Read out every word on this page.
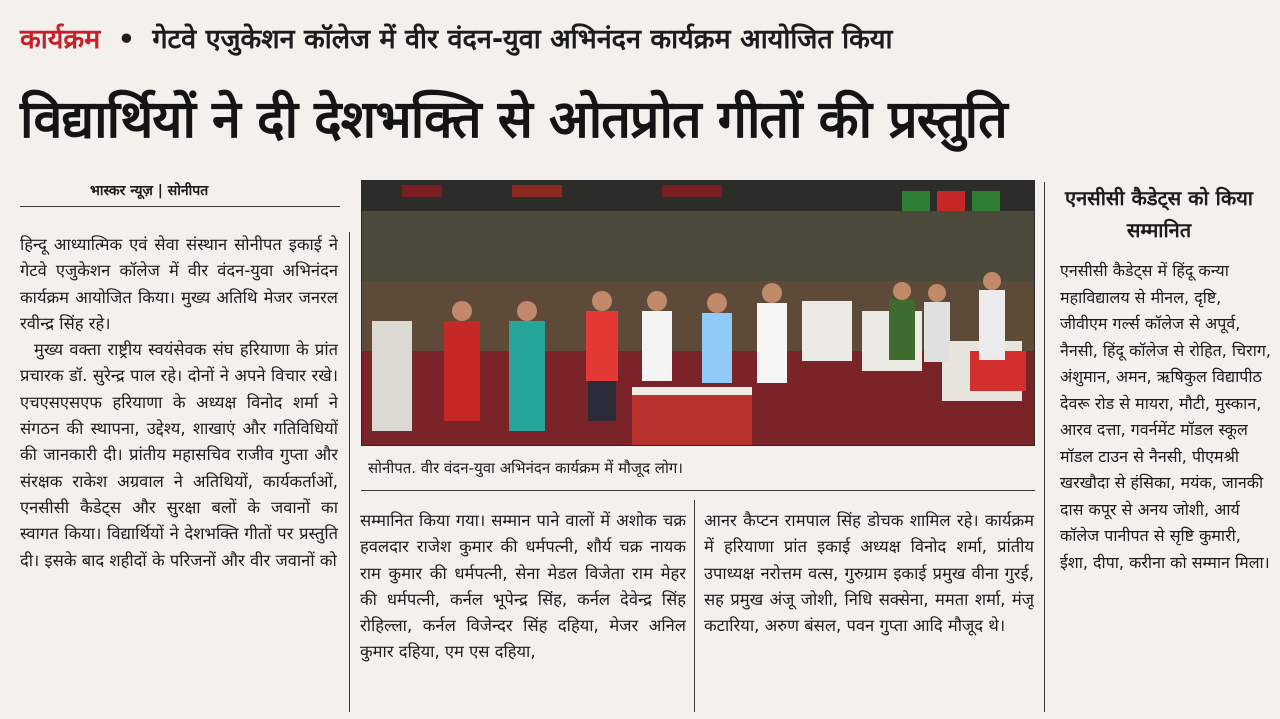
कार्यक्रम • गेटवे एजुकेशन कॉलेज में वीर वंदन-युवा अभिनंदन कार्यक्रम आयोजित किया
विद्यार्थियों ने दी देशभक्ति से ओतप्रोत गीतों की प्रस्तुति
भास्कर न्यूज़ | सोनीपत

हिन्दू आध्यात्मिक एवं सेवा संस्थान सोनीपत इकाई ने गेटवे एजुकेशन कॉलेज में वीर वंदन-युवा अभिनंदन कार्यक्रम आयोजित किया। मुख्य अतिथि मेजर जनरल रवीन्द्र सिंह रहे।

मुख्य वक्ता राष्ट्रीय स्वयंसेवक संघ हरियाणा के प्रांत प्रचारक डॉ. सुरेन्द्र पाल रहे। दोनों ने अपने विचार रखे। एचएसएसएफ हरियाणा के अध्यक्ष विनोद शर्मा ने संगठन की स्थापना, उद्देश्य, शाखाएं और गतिविधियों की जानकारी दी। प्रांतीय महासचिव राजीव गुप्ता और संरक्षक राकेश अग्रवाल ने अतिथियों, कार्यकर्ताओं, एनसीसी कैडेट्स और सुरक्षा बलों के जवानों का स्वागत किया। विद्यार्थियों ने देशभक्ति गीतों पर प्रस्तुति दी। इसके बाद शहीदों के परिजनों और वीर जवानों को

सोनीपत. वीर वंदन-युवा अभिनंदन कार्यक्रम में मौजूद लोग।

सम्मानित किया गया। सम्मान पाने वालों में अशोक चक्र हवलदार राजेश कुमार की धर्मपत्नी, शौर्य चक्र नायक राम कुमार की धर्मपत्नी, सेना मेडल विजेता राम मेहर की धर्मपत्नी, कर्नल भूपेन्द्र सिंह, कर्नल देवेन्द्र सिंह रोहिल्ला, कर्नल विजेन्दर सिंह दहिया, मेजर अनिल कुमार दहिया, एम एस दहिया,

आनर कैप्टन रामपाल सिंह डोचक शामिल रहे। कार्यक्रम में हरियाणा प्रांत इकाई अध्यक्ष विनोद शर्मा, प्रांतीय उपाध्यक्ष नरोत्तम वत्स, गुरुग्राम इकाई प्रमुख वीना गुरई, सह प्रमुख अंजू जोशी, निधि सक्सेना, ममता शर्मा, मंजू कटारिया, अरुण बंसल, पवन गुप्ता आदि मौजूद थे।

एनसीसी कैडेट्स को किया सम्मानित
एनसीसी कैडेट्स में हिंदू कन्या महाविद्यालय से मीनल, दृष्टि, जीवीएम गर्ल्स कॉलेज से अपूर्व, नैनसी, हिंदू कॉलेज से रोहित, चिराग, अंशुमान, अमन, ऋषिकुल विद्यापीठ देवरू रोड से मायरा, मौटी, मुस्कान, आरव दत्ता, गवर्नमेंट मॉडल स्कूल मॉडल टाउन से नैनसी, पीएमश्री खरखौदा से हंसिका, मयंक, जानकी दास कपूर से अनय जोशी, आर्य कॉलेज पानीपत से सृष्टि कुमारी, ईशा, दीपा, करीना को सम्मान मिला।
